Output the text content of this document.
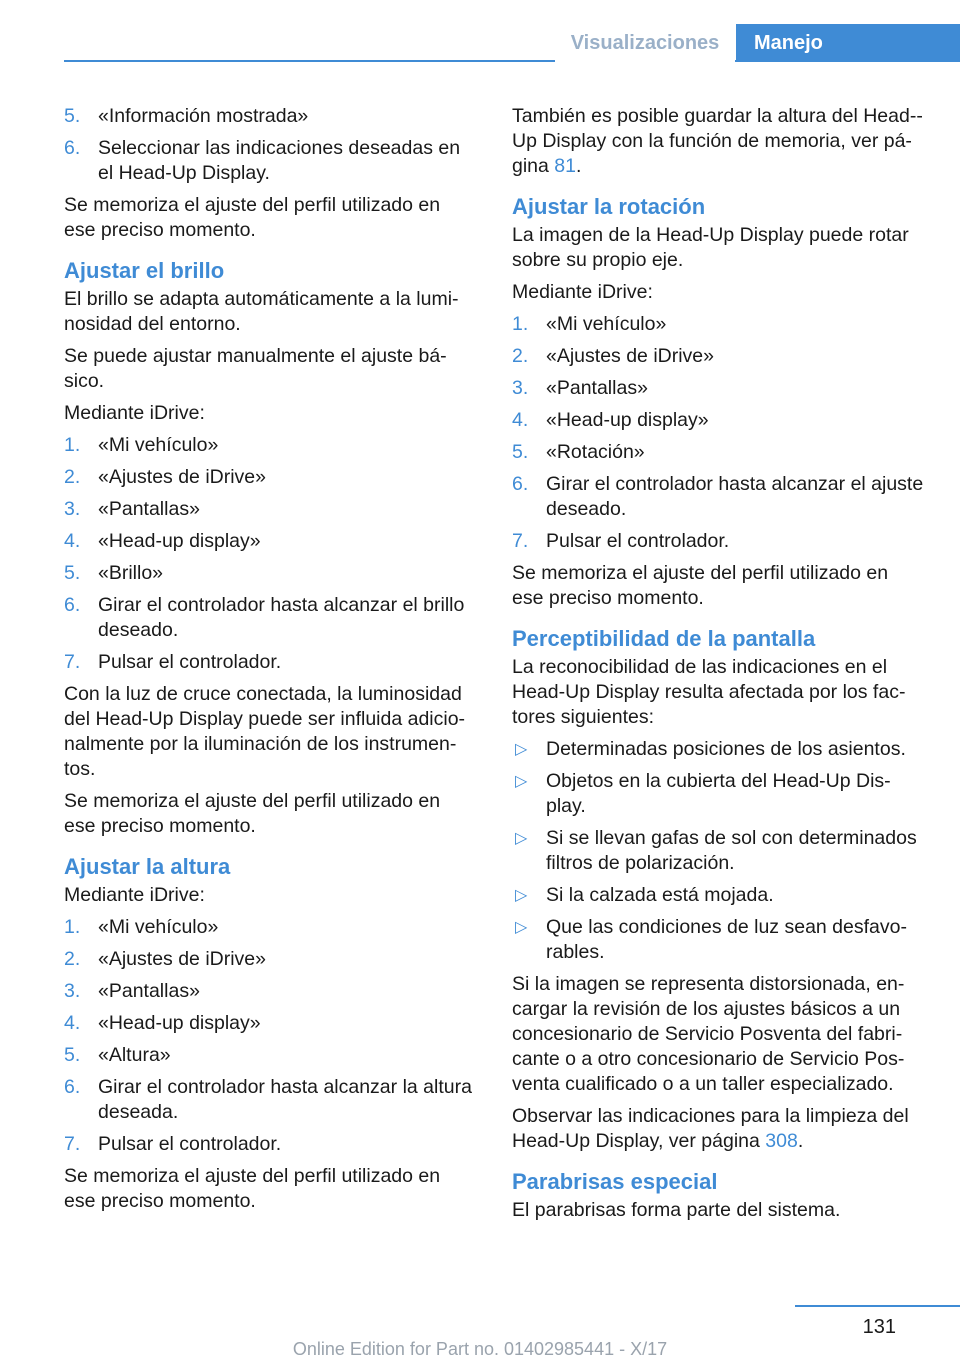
Visualizaciones	Manejo
5. «Información mostrada»
6. Seleccionar las indicaciones deseadas en el Head-Up Display.

Se memoriza el ajuste del perfil utilizado en ese preciso momento.

Ajustar el brillo

El brillo se adapta automáticamente a la lumi-nosidad del entorno.

Se puede ajustar manualmente el ajuste bá-sico.

Mediante iDrive:

1. «Mi vehículo»
2. «Ajustes de iDrive»
3. «Pantallas»
4. «Head-up display»
5. «Brillo»
6. Girar el controlador hasta alcanzar el brillo deseado.
7. Pulsar el controlador.

Con la luz de cruce conectada, la luminosidad del Head-Up Display puede ser influida adicio-nalmente por la iluminación de los instrumen-tos.

Se memoriza el ajuste del perfil utilizado en ese preciso momento.

Ajustar la altura

Mediante iDrive:

1. «Mi vehículo»
2. «Ajustes de iDrive»
3. «Pantallas»
4. «Head-up display»
5. «Altura»
6. Girar el controlador hasta alcanzar la altura deseada.
7. Pulsar el controlador.

Se memoriza el ajuste del perfil utilizado en ese preciso momento.

También es posible guardar la altura del Head--Up Display con la función de memoria, ver pá-gina 81.

Ajustar la rotación

La imagen de la Head-Up Display puede rotar sobre su propio eje.

Mediante iDrive:

1. «Mi vehículo»
2. «Ajustes de iDrive»
3. «Pantallas»
4. «Head-up display»
5. «Rotación»
6. Girar el controlador hasta alcanzar el ajuste deseado.
7. Pulsar el controlador.

Se memoriza el ajuste del perfil utilizado en ese preciso momento.

Perceptibilidad de la pantalla

La reconocibilidad de las indicaciones en el Head-Up Display resulta afectada por los fac-tores siguientes:

▷ Determinadas posiciones de los asientos.
▷ Objetos en la cubierta del Head-Up Dis-play.
▷ Si se llevan gafas de sol con determinados filtros de polarización.
▷ Si la calzada está mojada.
▷ Que las condiciones de luz sean desfavo-rables.

Si la imagen se representa distorsionada, en-cargar la revisión de los ajustes básicos a un concesionario de Servicio Posventa del fabri-cante o a otro concesionario de Servicio Pos-venta cualificado o a un taller especializado.

Observar las indicaciones para la limpieza del Head-Up Display, ver página 308.

Parabrisas especial

El parabrisas forma parte del sistema.

131
Online Edition for Part no. 01402985441 - X/17
